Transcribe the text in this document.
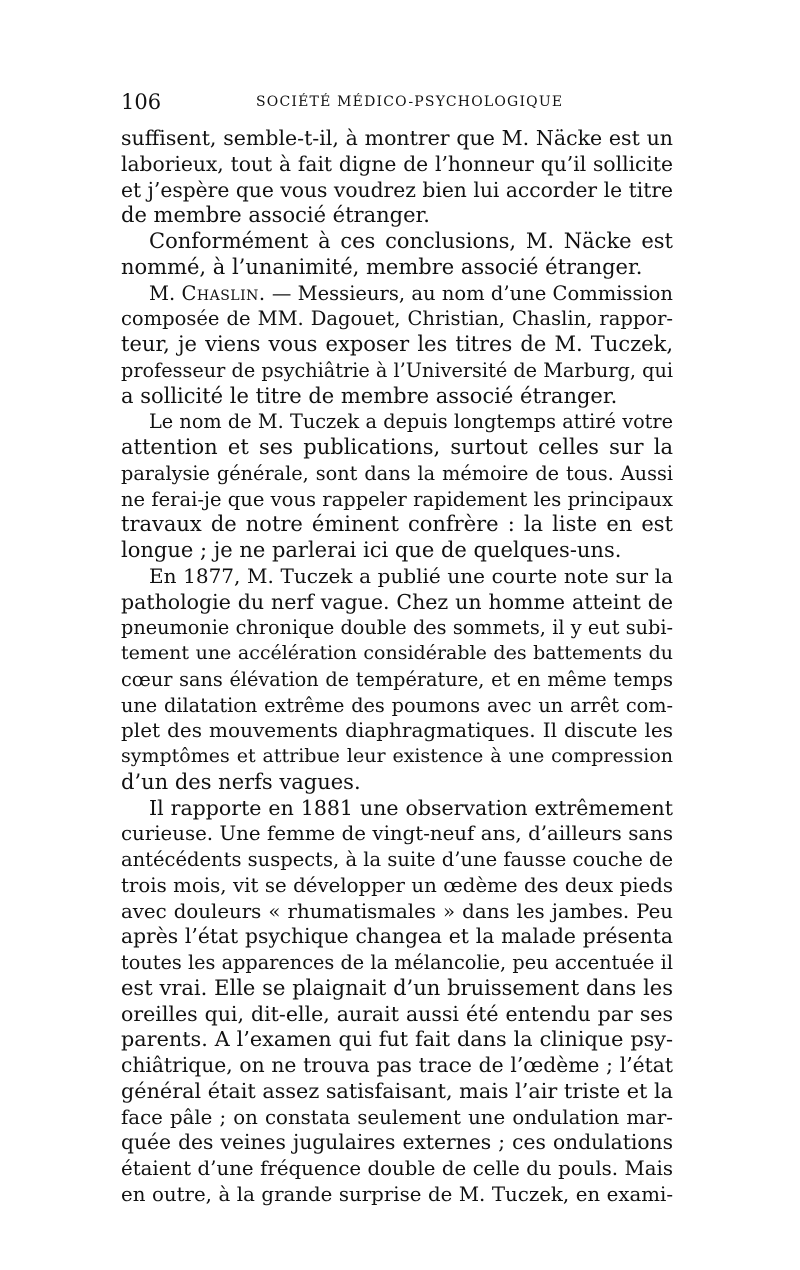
106	SOCIÉTÉ MÉDICO-PSYCHOLOGIQUE
suffisent, semble-t-il, à montrer que M. Näcke est un
laborieux, tout à fait digne de l’honneur qu’il sollicite
et j’espère que vous voudrez bien lui accorder le titre
de membre associé étranger.
Conformément à ces conclusions, M. Näcke est
nommé, à l’unanimité, membre associé étranger.
M. Chaslin. — Messieurs, au nom d’une Commission
composée de MM. Dagouet, Christian, Chaslin, rappor-
teur, je viens vous exposer les titres de M. Tuczek,
professeur de psychiâtrie à l’Université de Marburg, qui
a sollicité le titre de membre associé étranger.
Le nom de M. Tuczek a depuis longtemps attiré votre
attention et ses publications, surtout celles sur la
paralysie générale, sont dans la mémoire de tous. Aussi
ne ferai-je que vous rappeler rapidement les principaux
travaux de notre éminent confrère : la liste en est
longue ; je ne parlerai ici que de quelques-uns.
En 1877, M. Tuczek a publié une courte note sur la
pathologie du nerf vague. Chez un homme atteint de
pneumonie chronique double des sommets, il y eut subi-
tement une accélération considérable des battements du
cœur sans élévation de température, et en même temps
une dilatation extrême des poumons avec un arrêt com-
plet des mouvements diaphragmatiques. Il discute les
symptômes et attribue leur existence à une compression
d’un des nerfs vagues.
Il rapporte en 1881 une observation extrêmement
curieuse. Une femme de vingt-neuf ans, d’ailleurs sans
antécédents suspects, à la suite d’une fausse couche de
trois mois, vit se développer un œdème des deux pieds
avec douleurs « rhumatismales » dans les jambes. Peu
après l’état psychique changea et la malade présenta
toutes les apparences de la mélancolie, peu accentuée il
est vrai. Elle se plaignait d’un bruissement dans les
oreilles qui, dit-elle, aurait aussi été entendu par ses
parents. A l’examen qui fut fait dans la clinique psy-
chiâtrique, on ne trouva pas trace de l’œdème ; l’état
général était assez satisfaisant, mais l’air triste et la
face pâle ; on constata seulement une ondulation mar-
quée des veines jugulaires externes ; ces ondulations
étaient d’une fréquence double de celle du pouls. Mais
en outre, à la grande surprise de M. Tuczek, en exami-
